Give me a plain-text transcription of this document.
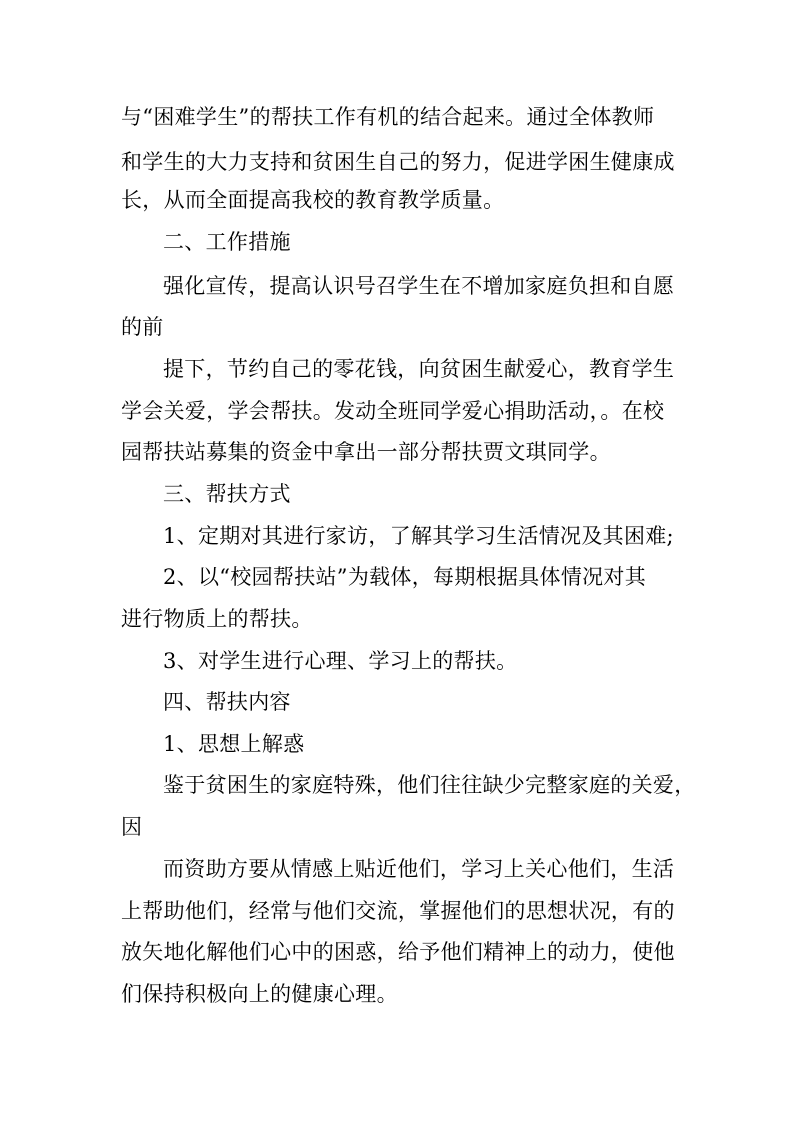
与“困难学生”的帮扶工作有机的结合起来。通过全体教师
和学生的大力支持和贫困生自己的努力，促进学困生健康成
长，从而全面提高我校的教育教学质量。
二、工作措施
强化宣传，提高认识号召学生在不增加家庭负担和自愿
的前
提下，节约自己的零花钱，向贫困生献爱心，教育学生
学会关爱，学会帮扶。发动全班同学爱心捐助活动，。在校
园帮扶站募集的资金中拿出一部分帮扶贾文琪同学。
三、帮扶方式
1、定期对其进行家访，了解其学习生活情况及其困难;
2、以“校园帮扶站”为载体，每期根据具体情况对其
进行物质上的帮扶。
3、对学生进行心理、学习上的帮扶。
四、帮扶内容
1、思想上解惑
鉴于贫困生的家庭特殊，他们往往缺少完整家庭的关爱，
因
而资助方要从情感上贴近他们，学习上关心他们，生活
上帮助他们，经常与他们交流，掌握他们的思想状况，有的
放矢地化解他们心中的困惑，给予他们精神上的动力，使他
们保持积极向上的健康心理。
